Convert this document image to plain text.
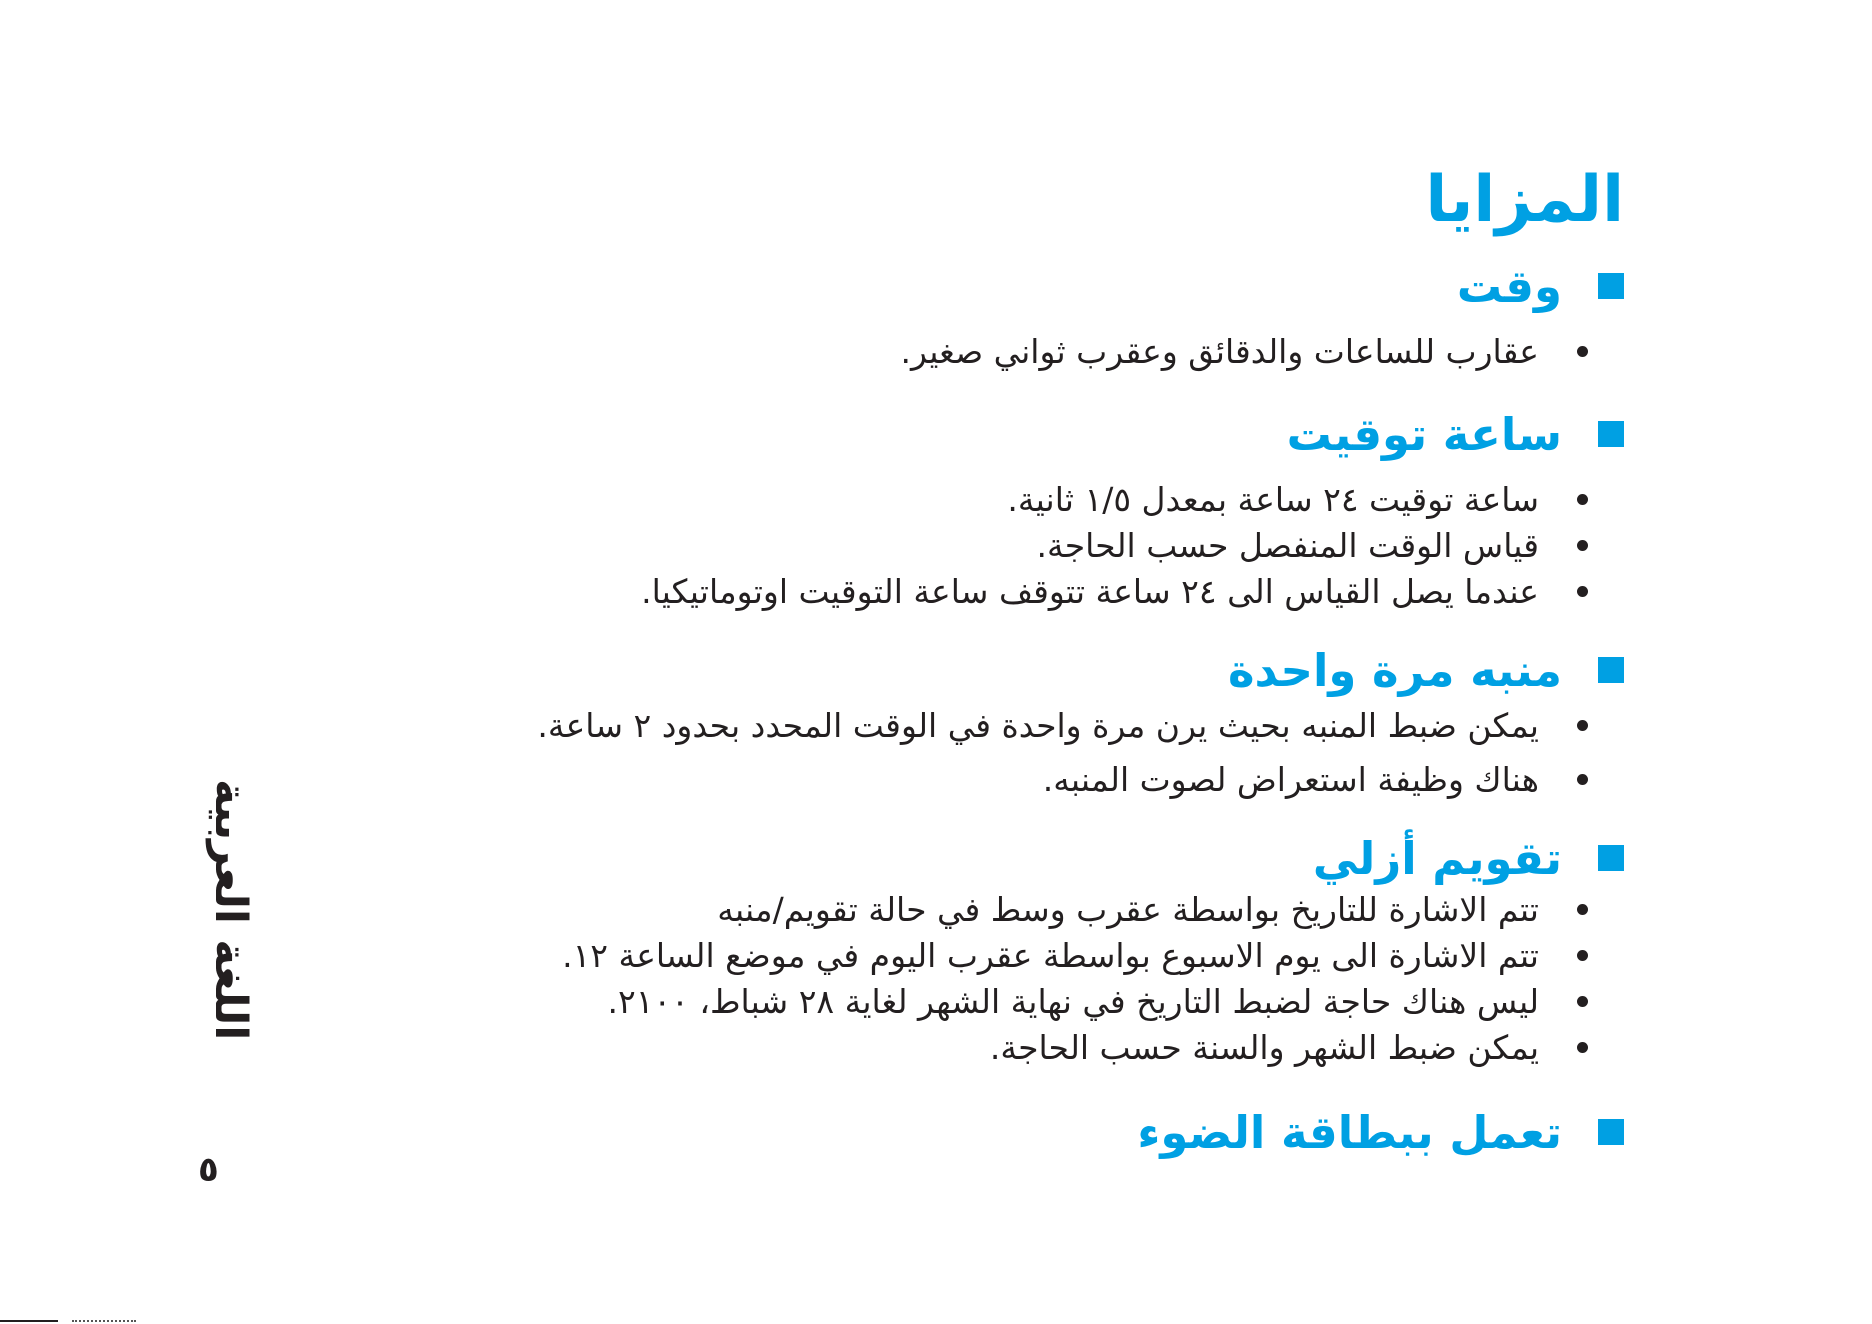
المزايا
وقت
عقارب للساعات والدقائق وعقرب ثواني صغير.
ساعة توقيت
ساعة توقيت ٢٤ ساعة بمعدل ١/٥ ثانية.
قياس الوقت المنفصل حسب الحاجة.
عندما يصل القياس الى ٢٤ ساعة تتوقف ساعة التوقيت اوتوماتيكيا.
منبه مرة واحدة
يمكن ضبط المنبه بحيث يرن مرة واحدة في الوقت المحدد بحدود ٢ ساعة.
هناك وظيفة استعراض لصوت المنبه.
تقويم أزلي
تتم الاشارة للتاريخ بواسطة عقرب وسط في حالة تقويم/منبه
تتم الاشارة الى يوم الاسبوع بواسطة عقرب اليوم في موضع الساعة ١٢.
ليس هناك حاجة لضبط التاريخ في نهاية الشهر لغاية ٢٨ شباط، ٢١٠٠.
يمكن ضبط الشهر والسنة حسب الحاجة.
تعمل ببطاقة الضوء
اللغة العربية
٥
